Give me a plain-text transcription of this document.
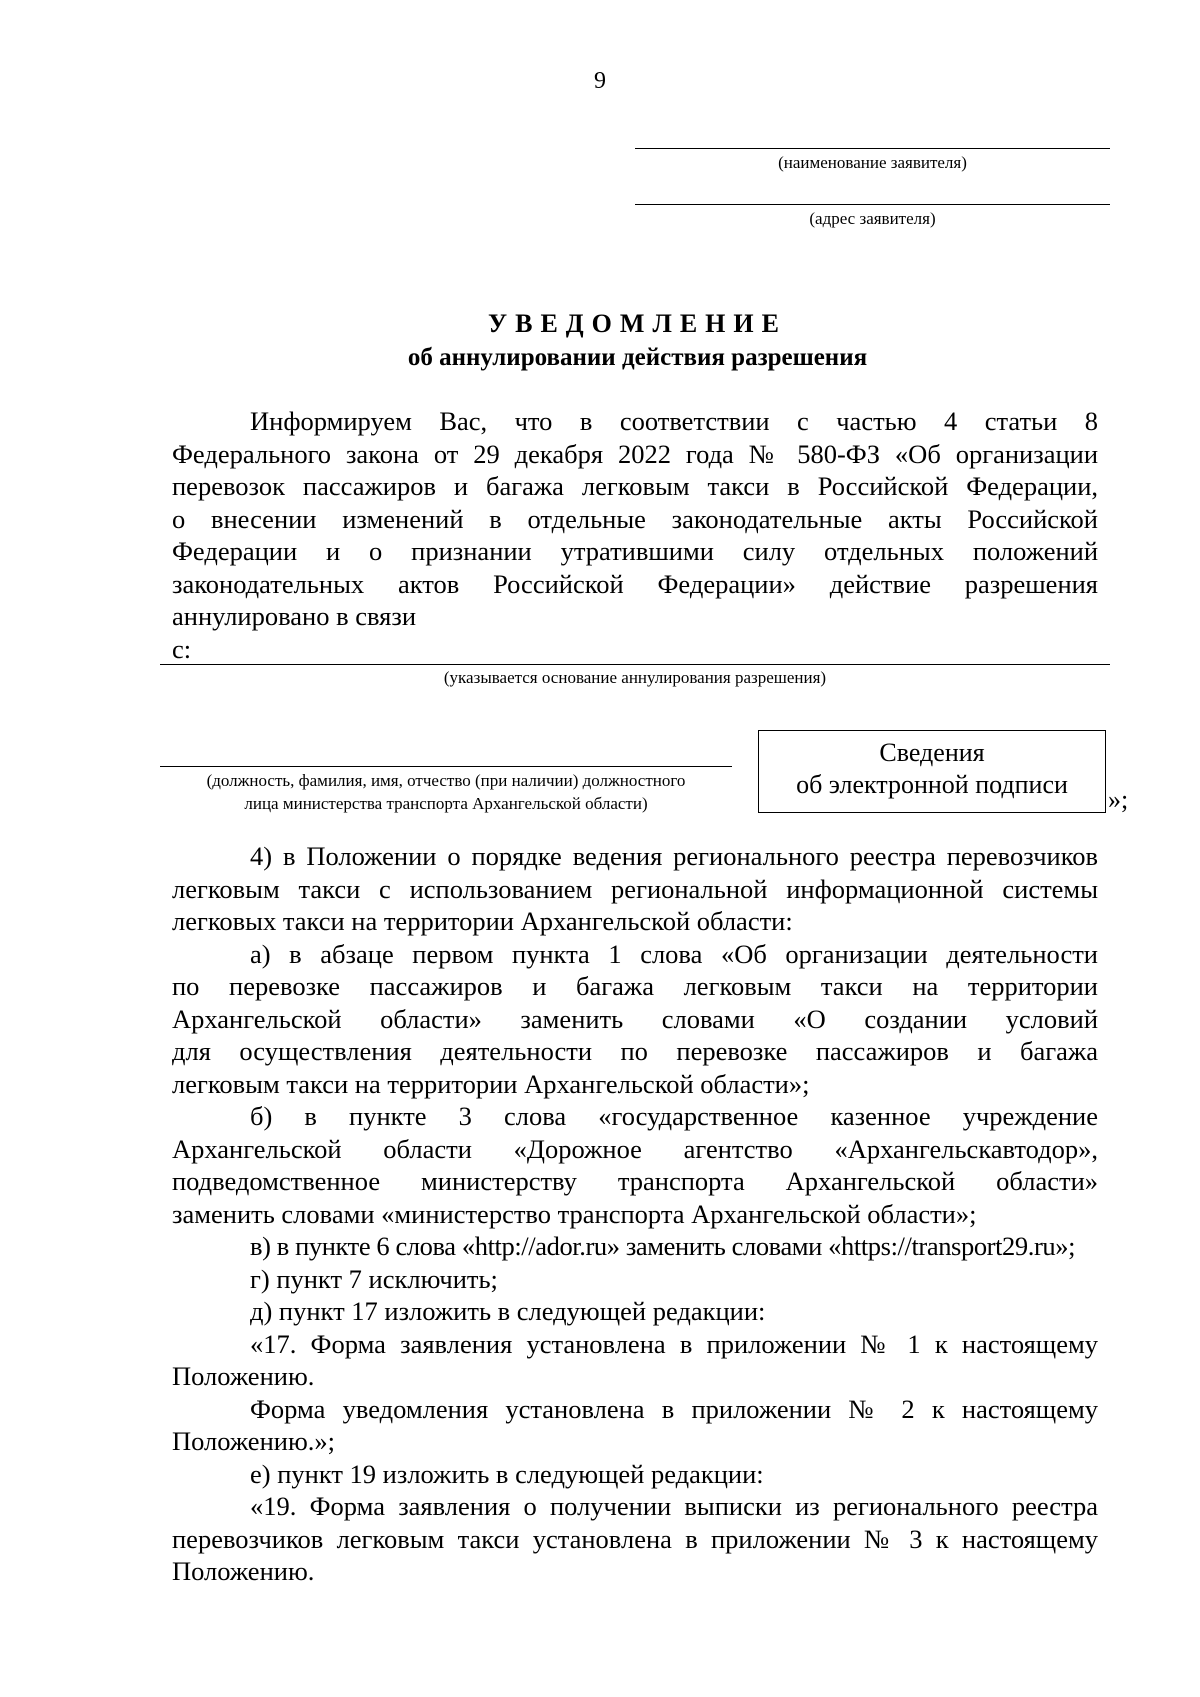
9
(наименование заявителя)
(адрес заявителя)
УВЕДОМЛЕНИЕ
об аннулировании действия разрешения
Информируем Вас, что в соответствии с частью 4 статьи 8
Федерального закона от 29 декабря 2022 года № 580-ФЗ «Об организации
перевозок пассажиров и багажа легковым такси в Российской Федерации,
о внесении изменений в отдельные законодательные акты Российской
Федерации и о признании утратившими силу отдельных положений
законодательных актов Российской Федерации» действие разрешения
аннулировано в связи
с:
(указывается основание аннулирования разрешения)
(должность, фамилия, имя, отчество (при наличии) должностного
лица министерства транспорта Архангельской области)
Сведения
об электронной подписи
»;
4) в Положении о порядке ведения регионального реестра перевозчиков
легковым такси с использованием региональной информационной системы
легковых такси на территории Архангельской области:
а) в абзаце первом пункта 1 слова «Об организации деятельности
по перевозке пассажиров и багажа легковым такси на территории
Архангельской области» заменить словами «О создании условий
для осуществления деятельности по перевозке пассажиров и багажа
легковым такси на территории Архангельской области»;
б) в пункте 3 слова «государственное казенное учреждение
Архангельской области «Дорожное агентство «Архангельскавтодор»,
подведомственное министерству транспорта Архангельской области»
заменить словами «министерство транспорта Архангельской области»;
в) в пункте 6 слова «http://ador.ru» заменить словами «https://transport29.ru»;
г) пункт 7 исключить;
д) пункт 17 изложить в следующей редакции:
«17. Форма заявления установлена в приложении № 1 к настоящему
Положению.
Форма уведомления установлена в приложении № 2 к настоящему
Положению.»;
е) пункт 19 изложить в следующей редакции:
«19. Форма заявления о получении выписки из регионального реестра
перевозчиков легковым такси установлена в приложении № 3 к настоящему
Положению.
